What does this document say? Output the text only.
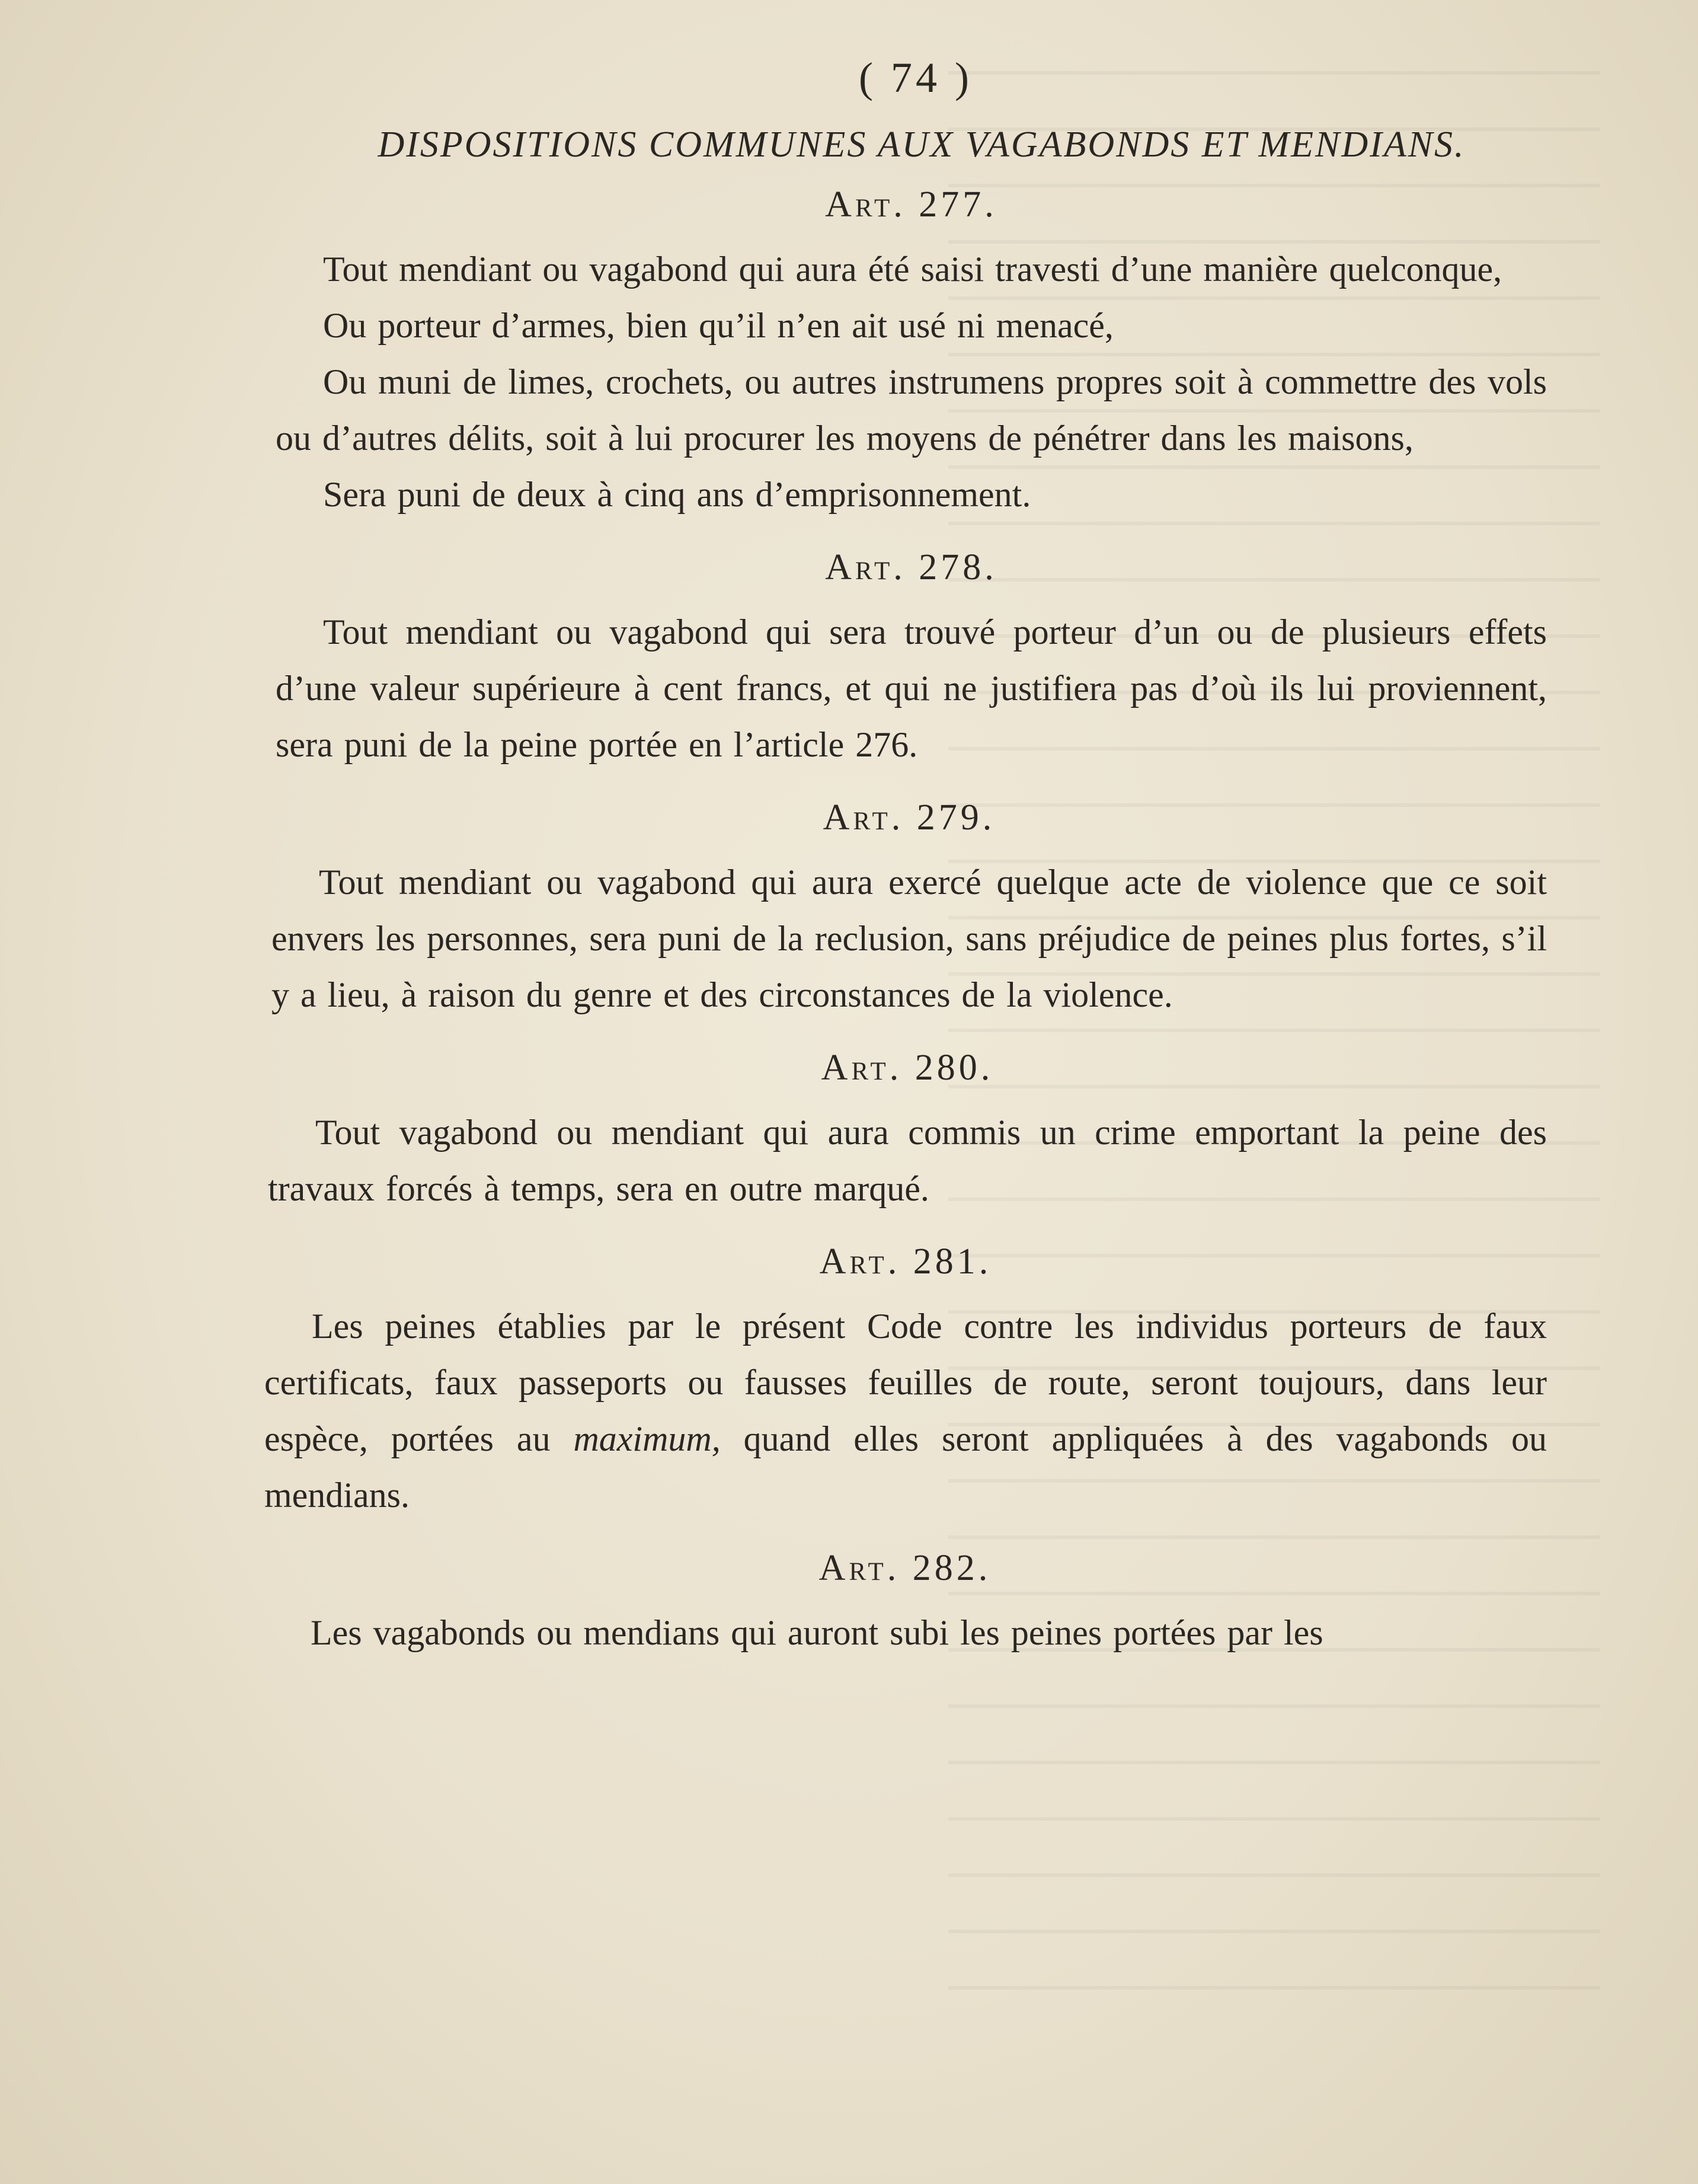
( 74 )
DISPOSITIONS COMMUNES AUX VAGABONDS ET MENDIANS.
Art. 277.

Tout mendiant ou vagabond qui aura été saisi travesti d’une manière quelconque,

Ou porteur d’armes, bien qu’il n’en ait usé ni menacé,

Ou muni de limes, crochets, ou autres instrumens propres soit à commettre des vols ou d’autres délits, soit à lui procurer les moyens de pénétrer dans les maisons,

Sera puni de deux à cinq ans d’emprisonnement.

Art. 278.

Tout mendiant ou vagabond qui sera trouvé porteur d’un ou de plusieurs effets d’une valeur supérieure à cent francs, et qui ne justifiera pas d’où ils lui proviennent, sera puni de la peine portée en l’article 276.

Art. 279.

Tout mendiant ou vagabond qui aura exercé quelque acte de violence que ce soit envers les personnes, sera puni de la reclusion, sans préjudice de peines plus fortes, s’il y a lieu, à raison du genre et des circonstances de la violence.

Art. 280.

Tout vagabond ou mendiant qui aura commis un crime emportant la peine des travaux forcés à temps, sera en outre marqué.

Art. 281.

Les peines établies par le présent Code contre les individus porteurs de faux certificats, faux passeports ou fausses feuilles de route, seront toujours, dans leur espèce, portées au maximum, quand elles seront appliquées à des vagabonds ou mendians.

Art. 282.

Les vagabonds ou mendians qui auront subi les peines portées par les
